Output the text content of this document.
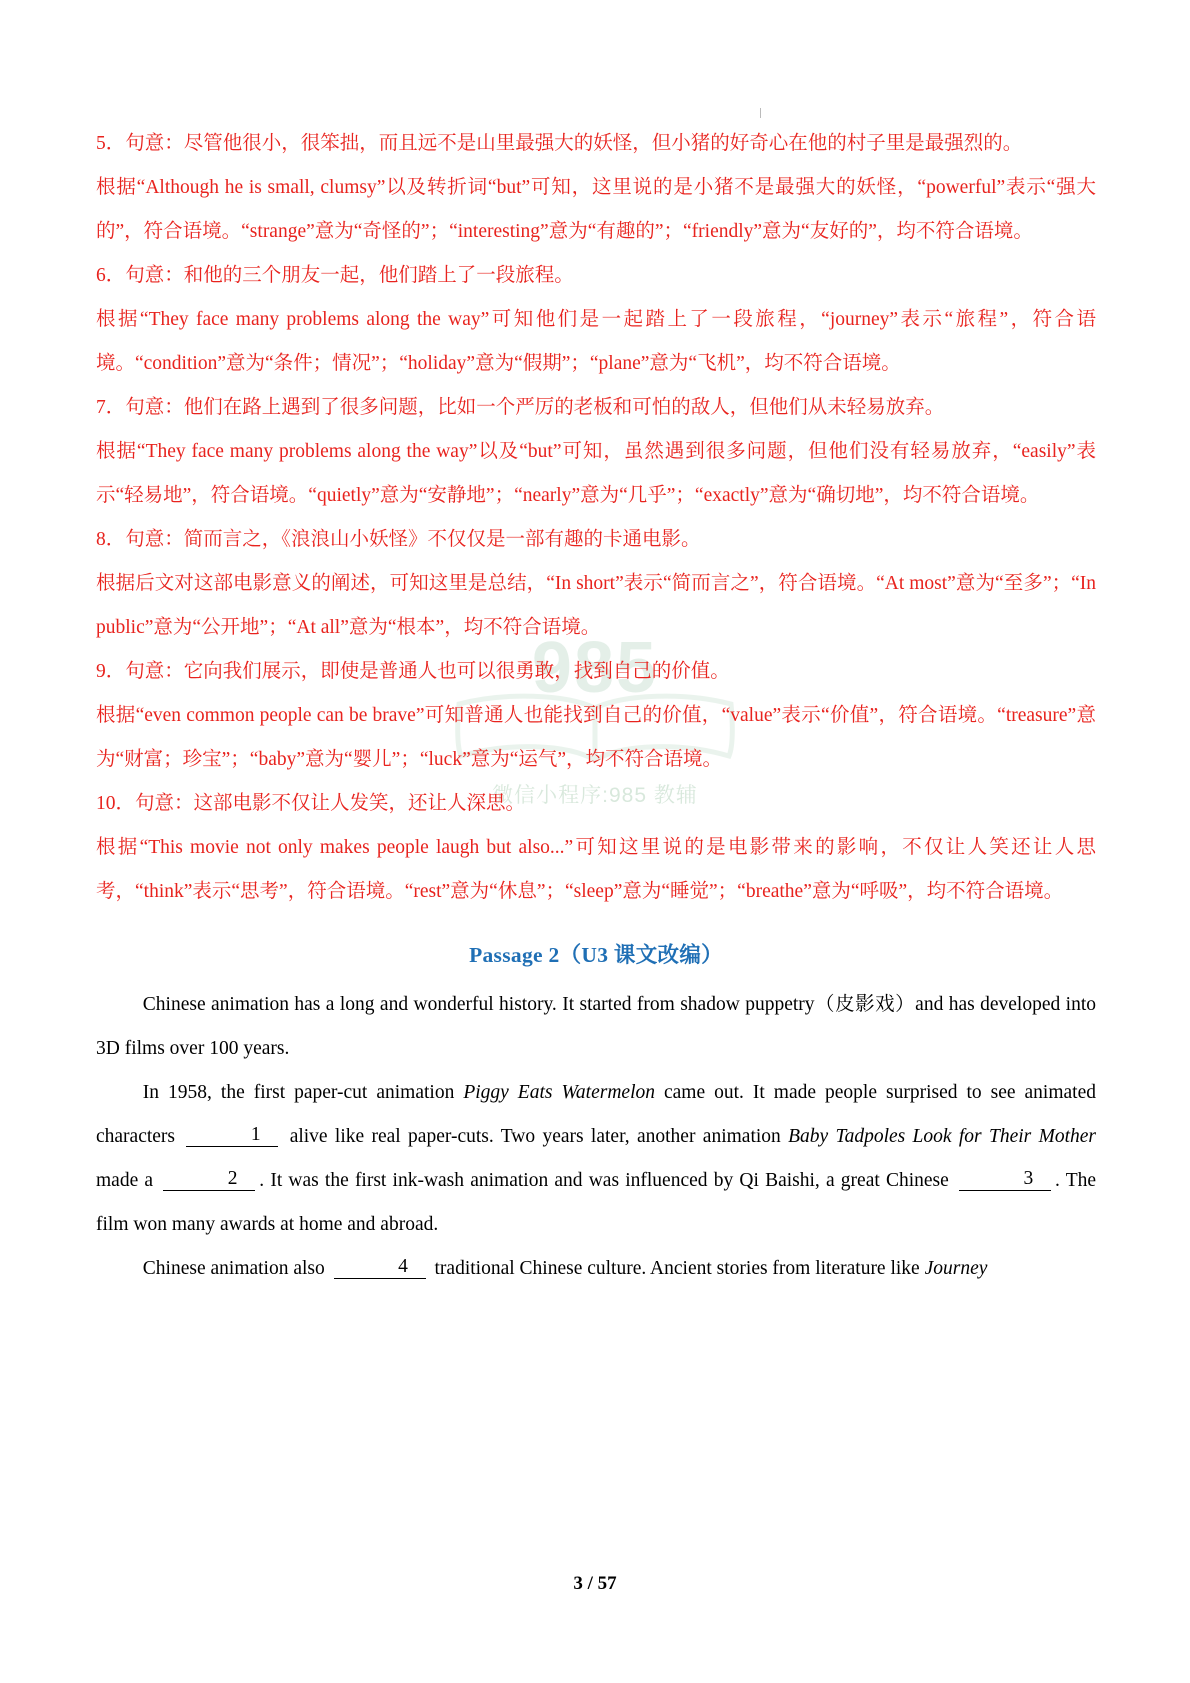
985
微信小程序:985 教辅

5．句意：尽管他很小，很笨拙，而且远不是山里最强大的妖怪，但小猪的好奇心在他的村子里是最强烈的。

根据“Although he is small, clumsy”以及转折词“but”可知，这里说的是小猪不是最强大的妖怪，“powerful”表示“强大的”，符合语境。“strange”意为“奇怪的”；“interesting”意为“有趣的”；“friendly”意为“友好的”，均不符合语境。

6．句意：和他的三个朋友一起，他们踏上了一段旅程。

根据“They face many problems along the way”可知他们是一起踏上了一段旅程，“journey”表示“旅程”，符合语境。“condition”意为“条件；情况”；“holiday”意为“假期”；“plane”意为“飞机”，均不符合语境。

7．句意：他们在路上遇到了很多问题，比如一个严厉的老板和可怕的敌人，但他们从未轻易放弃。

根据“They face many problems along the way”以及“but”可知，虽然遇到很多问题，但他们没有轻易放弃，“easily”表示“轻易地”，符合语境。“quietly”意为“安静地”；“nearly”意为“几乎”；“exactly”意为“确切地”，均不符合语境。

8．句意：简而言之，《浪浪山小妖怪》不仅仅是一部有趣的卡通电影。

根据后文对这部电影意义的阐述，可知这里是总结，“In short”表示“简而言之”，符合语境。“At most”意为“至多”；“In public”意为“公开地”；“At all”意为“根本”，均不符合语境。

9．句意：它向我们展示，即使是普通人也可以很勇敢，找到自己的价值。

根据“even common people can be brave”可知普通人也能找到自己的价值，“value”表示“价值”，符合语境。“treasure”意为“财富；珍宝”；“baby”意为“婴儿”；“luck”意为“运气”，均不符合语境。

10．句意：这部电影不仅让人发笑，还让人深思。

根据“This movie not only makes people laugh but also...”可知这里说的是电影带来的影响，不仅让人笑还让人思考，“think”表示“思考”，符合语境。“rest”意为“休息”；“sleep”意为“睡觉”；“breathe”意为“呼吸”，均不符合语境。

Passage 2（U3 课文改编）

Chinese animation has a long and wonderful history. It started from shadow puppetry（皮影戏）and has developed into 3D films over 100 years.

In 1958, the first paper-cut animation Piggy Eats Watermelon came out. It made people surprised to see animated characters	1 alive like real paper-cuts. Two years later, another animation Baby Tadpoles Look for Their Mother made a	2 . It was the first ink-wash animation and was influenced by Qi Baishi, a great Chinese	3 . The film won many awards at home and abroad.

Chinese animation also	4 traditional Chinese culture. Ancient stories from literature like Journey

3 / 57
